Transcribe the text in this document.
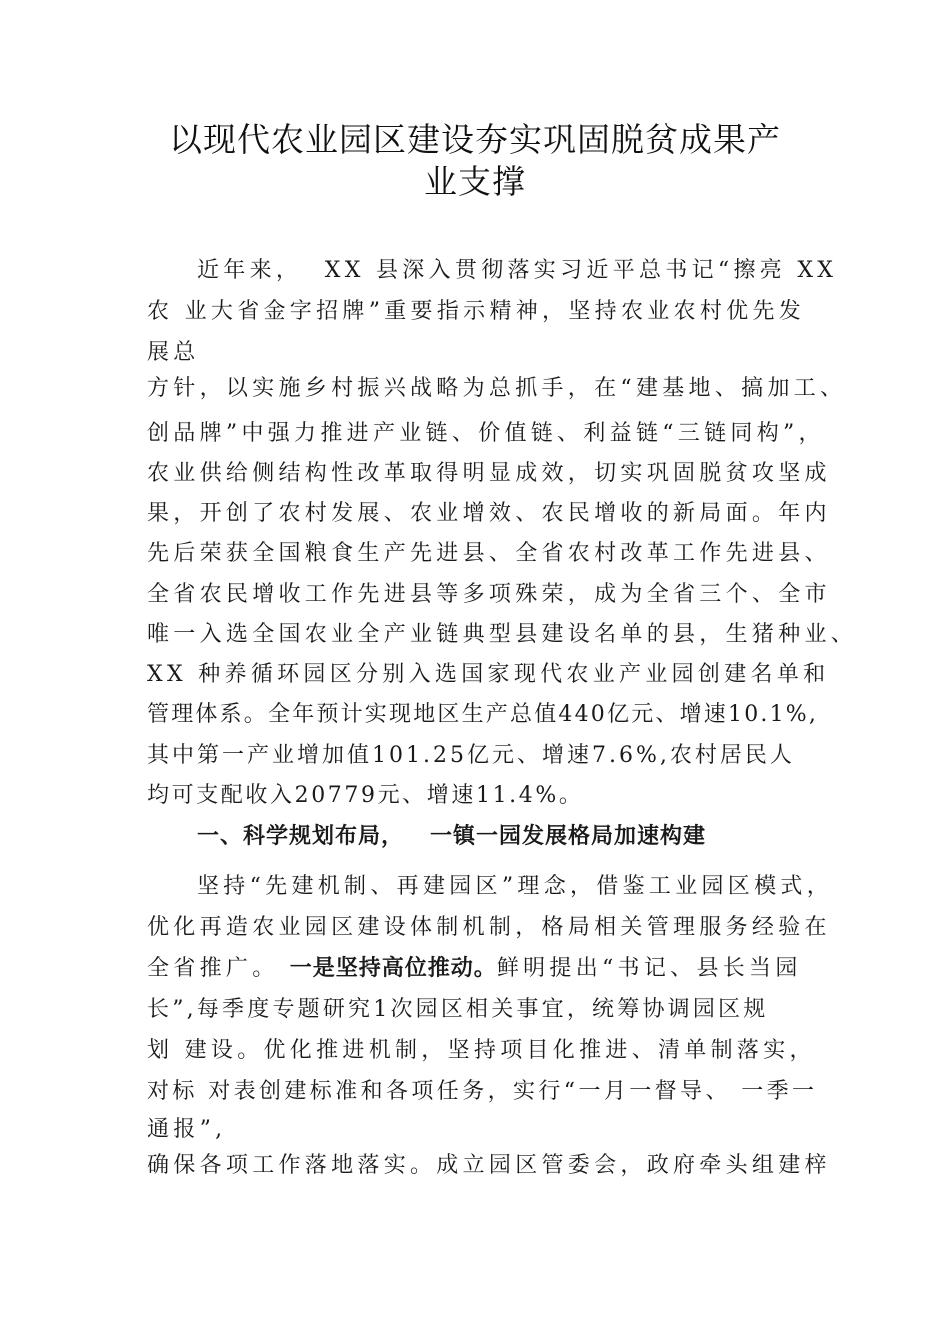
以现代农业园区建设夯实巩固脱贫成果产
业支撑
近年来，  XX 县深入贯彻落实习近平总书记“擦亮 XX
农 业大省金字招牌”重要指示精神，坚持农业农村优先发
展总
方针，以实施乡村振兴战略为总抓手，在“建基地、搞加工、
创品牌”中强力推进产业链、价值链、利益链“三链同构”，
农业供给侧结构性改革取得明显成效，切实巩固脱贫攻坚成
果，开创了农村发展、农业增效、农民增收的新局面。年内
先后荣获全国粮食生产先进县、全省农村改革工作先进县、
全省农民增收工作先进县等多项殊荣，成为全省三个、全市
唯一入选全国农业全产业链典型县建设名单的县，生猪种业、
XX 种养循环园区分别入选国家现代农业产业园创建名单和
管理体系。全年预计实现地区生产总值440亿元、增速10.1%,
其中第一产业增加值101.25亿元、增速7.6%,农村居民人
均可支配收入20779元、增速11.4%。
一、科学规划布局，   一镇一园发展格局加速构建
坚持“先建机制、再建园区”理念，借鉴工业园区模式，
优化再造农业园区建设体制机制，格局相关管理服务经验在
全省推广。 一是坚持高位推动。鲜明提出“书记、县长当园
长”,每季度专题研究1次园区相关事宜，统筹协调园区规
划 建设。优化推进机制，坚持项目化推进、清单制落实，
对标 对表创建标准和各项任务，实行“一月一督导、 一季一
通报”,
确保各项工作落地落实。成立园区管委会，政府牵头组建梓
